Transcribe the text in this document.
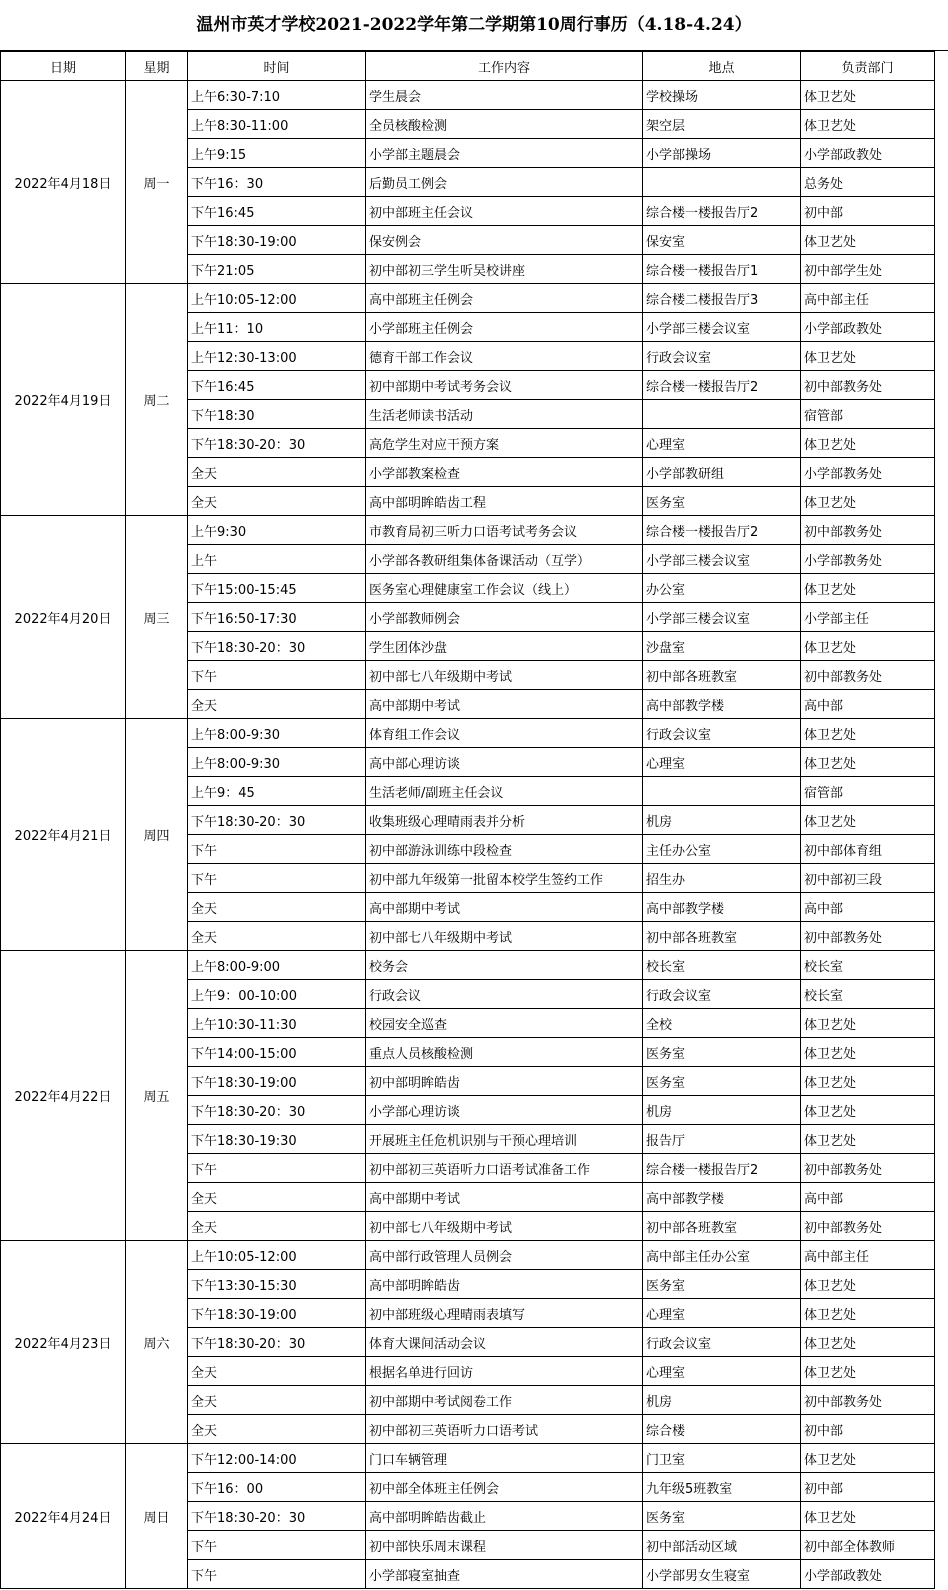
温州市英才学校2021-2022学年第二学期第10周行事历（4.18-4.24）
日期	星期	时间	工作内容	地点	负责部门
2022年4月18日	周一	上午6:30-7:10	学生晨会	学校操场	体卫艺处
		上午8:30-11:00	全员核酸检测	架空层	体卫艺处
		上午9:15	小学部主题晨会	小学部操场	小学部政教处
		下午16：30	后勤员工例会		总务处
		下午16:45	初中部班主任会议	综合楼一楼报告厅2	初中部
		下午18:30-19:00	保安例会	保安室	体卫艺处
		下午21:05	初中部初三学生听吴校讲座	综合楼一楼报告厅1	初中部学生处
2022年4月19日	周二	上午10:05-12:00	高中部班主任例会	综合楼二楼报告厅3	高中部主任
		上午11：10	小学部班主任例会	小学部三楼会议室	小学部政教处
		上午12:30-13:00	德育干部工作会议	行政会议室	体卫艺处
		下午16:45	初中部期中考试考务会议	综合楼一楼报告厅2	初中部教务处
		下午18:30	生活老师读书活动		宿管部
		下午18:30-20：30	高危学生对应干预方案	心理室	体卫艺处
		全天	小学部教案检查	小学部教研组	小学部教务处
		全天	高中部明眸皓齿工程	医务室	体卫艺处
2022年4月20日	周三	上午9:30	市教育局初三听力口语考试考务会议	综合楼一楼报告厅2	初中部教务处
		上午	小学部各教研组集体备课活动（互学）	小学部三楼会议室	小学部教务处
		下午15:00-15:45	医务室心理健康室工作会议（线上）	办公室	体卫艺处
		下午16:50-17:30	小学部教师例会	小学部三楼会议室	小学部主任
		下午18:30-20：30	学生团体沙盘	沙盘室	体卫艺处
		下午	初中部七八年级期中考试	初中部各班教室	初中部教务处
		全天	高中部期中考试	高中部教学楼	高中部
2022年4月21日	周四	上午8:00-9:30	体育组工作会议	行政会议室	体卫艺处
		上午8:00-9:30	高中部心理访谈	心理室	体卫艺处
		上午9：45	生活老师/副班主任会议		宿管部
		下午18:30-20：30	收集班级心理晴雨表并分析	机房	体卫艺处
		下午	初中部游泳训练中段检查	主任办公室	初中部体育组
		下午	初中部九年级第一批留本校学生签约工作	招生办	初中部初三段
		全天	高中部期中考试	高中部教学楼	高中部
		全天	初中部七八年级期中考试	初中部各班教室	初中部教务处
2022年4月22日	周五	上午8:00-9:00	校务会	校长室	校长室
		上午9：00-10:00	行政会议	行政会议室	校长室
		上午10:30-11:30	校园安全巡查	全校	体卫艺处
		下午14:00-15:00	重点人员核酸检测	医务室	体卫艺处
		下午18:30-19:00	初中部明眸皓齿	医务室	体卫艺处
		下午18:30-20：30	小学部心理访谈	机房	体卫艺处
		下午18:30-19:30	开展班主任危机识别与干预心理培训	报告厅	体卫艺处
		下午	初中部初三英语听力口语考试准备工作	综合楼一楼报告厅2	初中部教务处
		全天	高中部期中考试	高中部教学楼	高中部
		全天	初中部七八年级期中考试	初中部各班教室	初中部教务处
2022年4月23日	周六	上午10:05-12:00	高中部行政管理人员例会	高中部主任办公室	高中部主任
		下午13:30-15:30	高中部明眸皓齿	医务室	体卫艺处
		下午18:30-19:00	初中部班级心理晴雨表填写	心理室	体卫艺处
		下午18:30-20：30	体育大课间活动会议	行政会议室	体卫艺处
		全天	根据名单进行回访	心理室	体卫艺处
		全天	初中部期中考试阅卷工作	机房	初中部教务处
		全天	初中部初三英语听力口语考试	综合楼	初中部
2022年4月24日	周日	下午12:00-14:00	门口车辆管理	门卫室	体卫艺处
		下午16：00	初中部全体班主任例会	九年级5班教室	初中部
		下午18:30-20：30	高中部明眸皓齿截止	医务室	体卫艺处
		下午	初中部快乐周末课程	初中部活动区域	初中部全体教师
		下午	小学部寝室抽查	小学部男女生寝室	小学部政教处
